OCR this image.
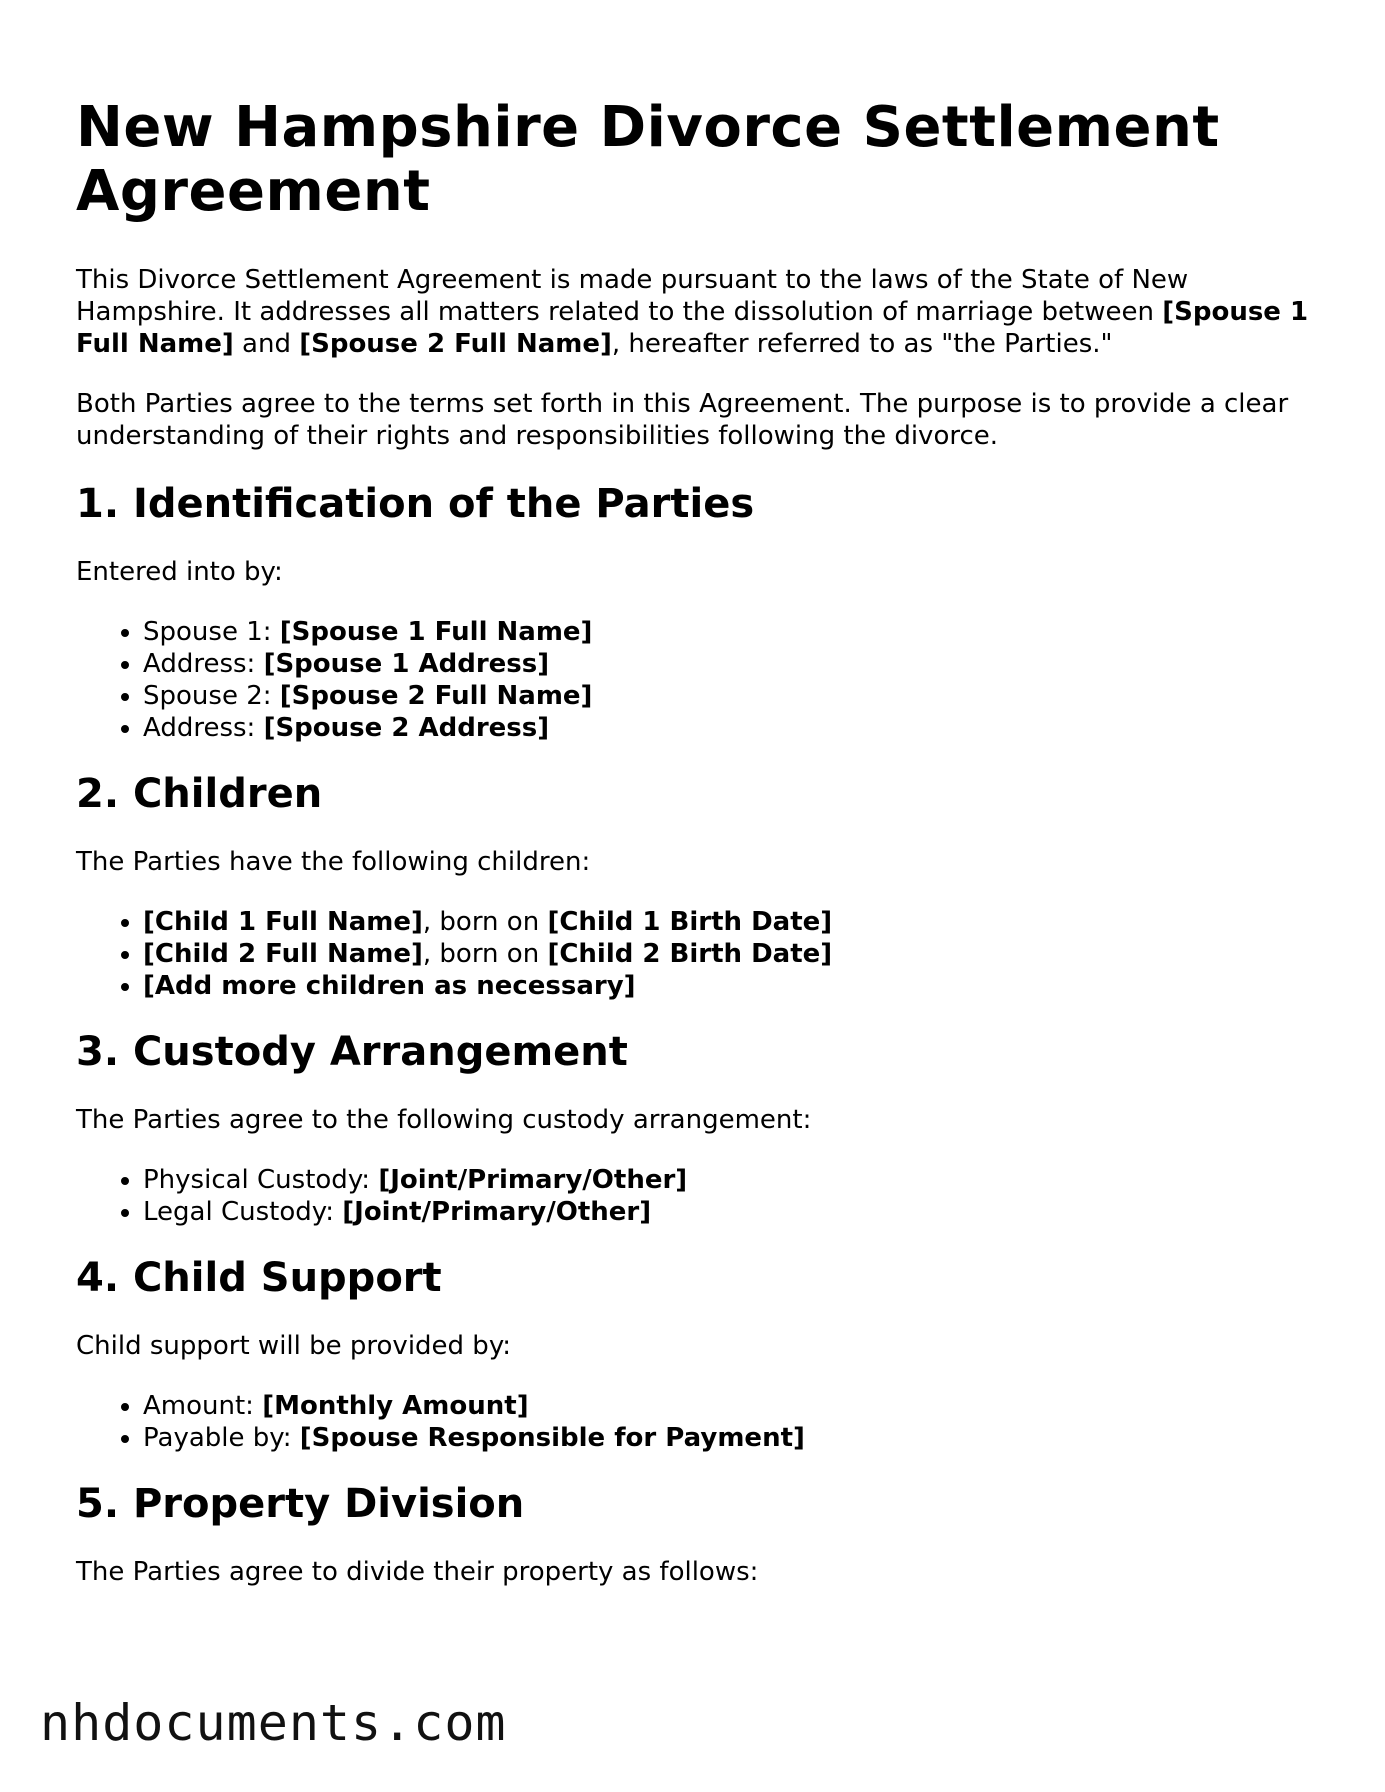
New Hampshire Divorce Settlement Agreement

This Divorce Settlement Agreement is made pursuant to the laws of the State of New Hampshire. It addresses all matters related to the dissolution of marriage between [Spouse 1 Full Name] and [Spouse 2 Full Name], hereafter referred to as "the Parties."

Both Parties agree to the terms set forth in this Agreement. The purpose is to provide a clear understanding of their rights and responsibilities following the divorce.

1. Identification of the Parties

Entered into by:

• Spouse 1: [Spouse 1 Full Name]
• Address: [Spouse 1 Address]
• Spouse 2: [Spouse 2 Full Name]
• Address: [Spouse 2 Address]
2. Children

The Parties have the following children:

• [Child 1 Full Name], born on [Child 1 Birth Date]
• [Child 2 Full Name], born on [Child 2 Birth Date]
• [Add more children as necessary]
3. Custody Arrangement

The Parties agree to the following custody arrangement:

• Physical Custody: [Joint/Primary/Other]
• Legal Custody: [Joint/Primary/Other]
4. Child Support

Child support will be provided by:

• Amount: [Monthly Amount]
• Payable by: [Spouse Responsible for Payment]
5. Property Division

The Parties agree to divide their property as follows:

nhdocuments.com
